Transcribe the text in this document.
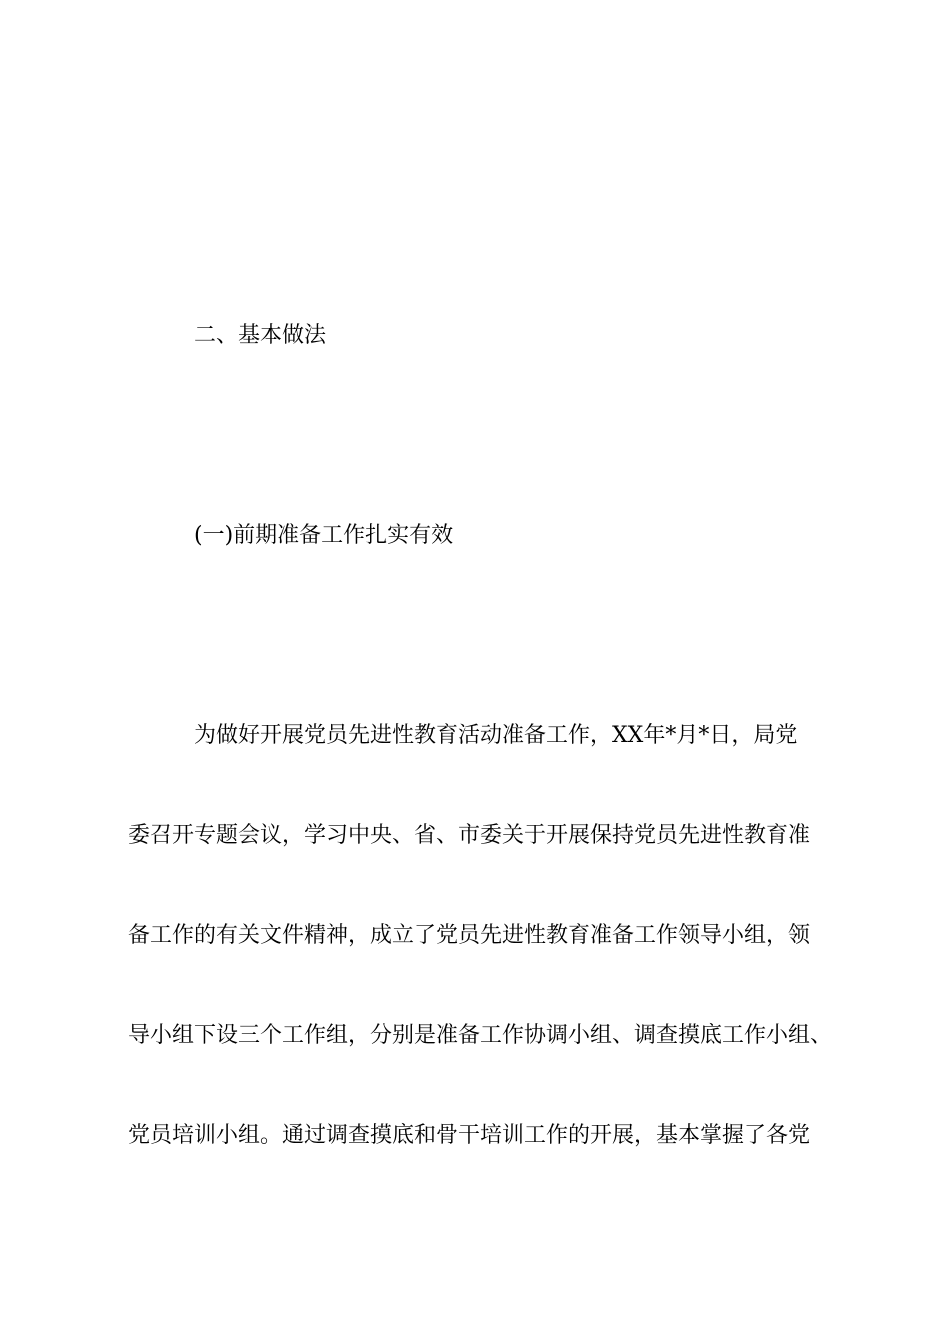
二、基本做法
(一)前期准备工作扎实有效
为做好开展党员先进性教育活动准备工作，XX年*月*日，局党
委召开专题会议，学习中央、省、市委关于开展保持党员先进性教育准
备工作的有关文件精神，成立了党员先进性教育准备工作领导小组，领
导小组下设三个工作组，分别是准备工作协调小组、调查摸底工作小组、
党员培训小组。通过调查摸底和骨干培训工作的开展，基本掌握了各党
